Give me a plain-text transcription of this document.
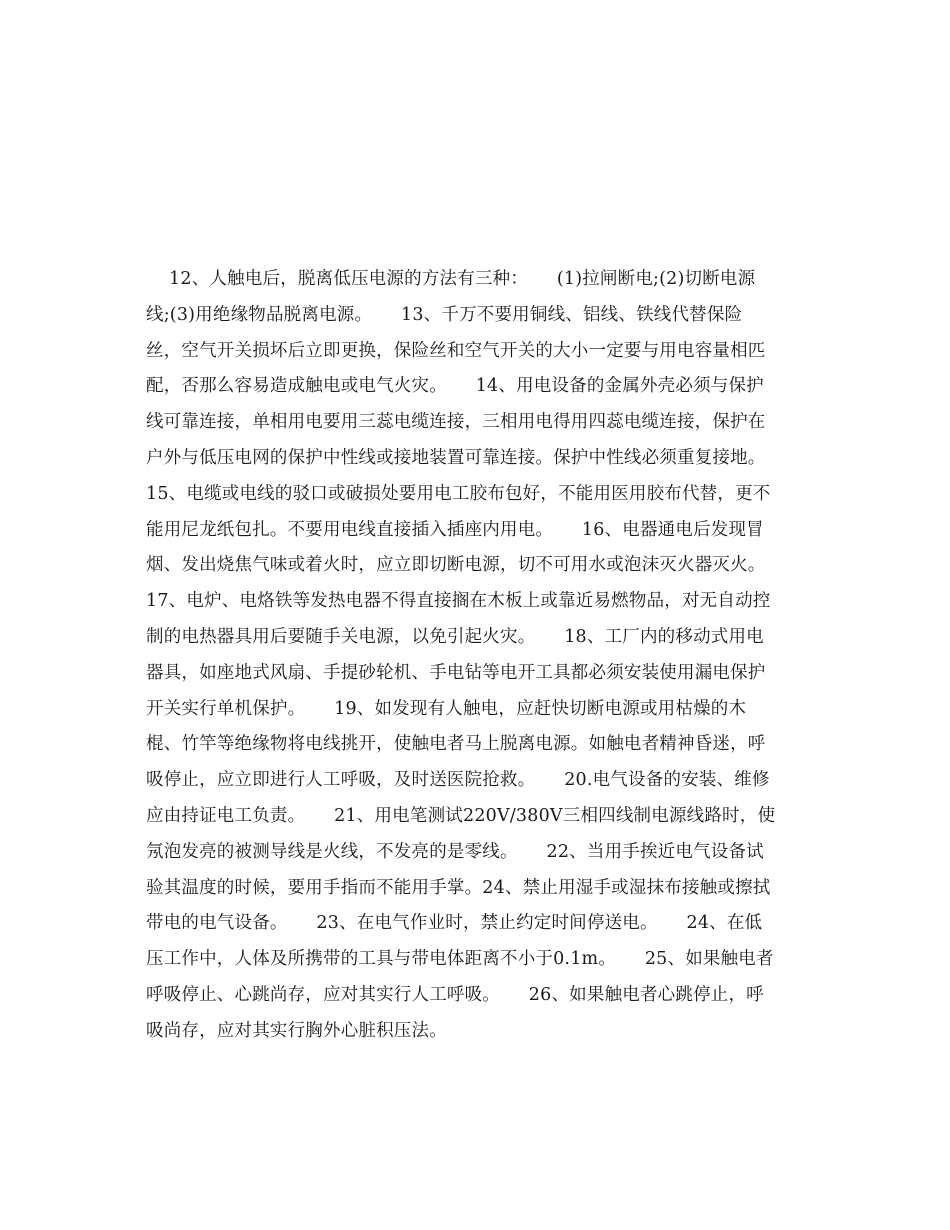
12、人触电后，脱离低压电源的方法有三种：     (1)拉闸断电;(2)切断电源
线;(3)用绝缘物品脱离电源。     13、千万不要用铜线、铝线、铁线代替保险
丝，空气开关损坏后立即更换，保险丝和空气开关的大小一定要与用电容量相匹
配，否那么容易造成触电或电气火灾。     14、用电设备的金属外壳必须与保护
线可靠连接，单相用电要用三蕊电缆连接，三相用电得用四蕊电缆连接，保护在
户外与低压电网的保护中性线或接地装置可靠连接。保护中性线必须重复接地。
15、电缆或电线的驳口或破损处要用电工胶布包好，不能用医用胶布代替，更不
能用尼龙纸包扎。不要用电线直接插入插座内用电。     16、电器通电后发现冒
烟、发出烧焦气味或着火时，应立即切断电源，切不可用水或泡沫灭火器灭火。
17、电炉、电烙铁等发热电器不得直接搁在木板上或靠近易燃物品，对无自动控
制的电热器具用后要随手关电源，以免引起火灾。     18、工厂内的移动式用电
器具，如座地式风扇、手提砂轮机、手电钻等电开工具都必须安装使用漏电保护
开关实行单机保护。     19、如发现有人触电，应赶快切断电源或用枯燥的木
棍、竹竿等绝缘物将电线挑开，使触电者马上脱离电源。如触电者精神昏迷，呼
吸停止，应立即进行人工呼吸，及时送医院抢救。     20.电气设备的安装、维修
应由持证电工负责。     21、用电笔测试220V/380V三相四线制电源线路时，使
氖泡发亮的被测导线是火线，不发亮的是零线。     22、当用手挨近电气设备试
验其温度的时候，要用手指而不能用手掌。24、禁止用湿手或湿抹布接触或擦拭
带电的电气设备。     23、在电气作业时，禁止约定时间停送电。     24、在低
压工作中，人体及所携带的工具与带电体距离不小于0.1m。     25、如果触电者
呼吸停止、心跳尚存，应对其实行人工呼吸。     26、如果触电者心跳停止，呼
吸尚存，应对其实行胸外心脏积压法。
